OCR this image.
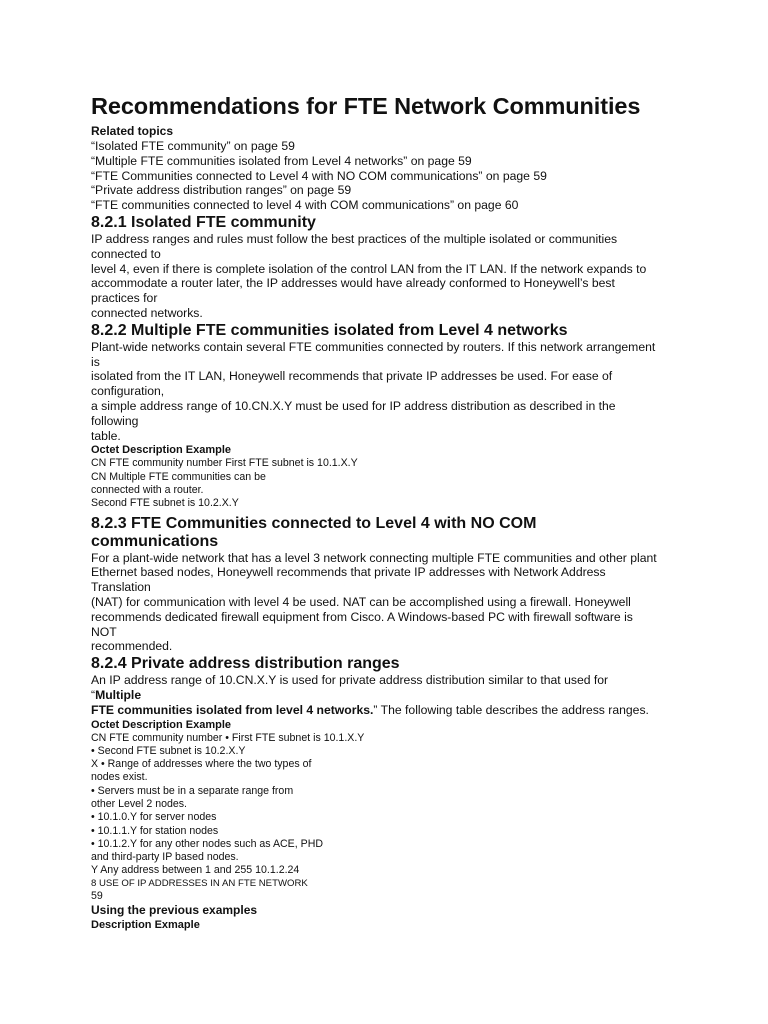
Recommendations for FTE Network Communities
Related topics
“Isolated FTE community” on page 59
“Multiple FTE communities isolated from Level 4 networks” on page 59
“FTE Communities connected to Level 4 with NO COM communications” on page 59
“Private address distribution ranges” on page 59
“FTE communities connected to level 4 with COM communications” on page 60
8.2.1 Isolated FTE community
IP address ranges and rules must follow the best practices of the multiple isolated or communities
connected to
level 4, even if there is complete isolation of the control LAN from the IT LAN. If the network expands to
accommodate a router later, the IP addresses would have already conformed to Honeywell’s best
practices for
connected networks.
8.2.2 Multiple FTE communities isolated from Level 4 networks
Plant-wide networks contain several FTE communities connected by routers. If this network arrangement
is
isolated from the IT LAN, Honeywell recommends that private IP addresses be used. For ease of
configuration,
a simple address range of 10.CN.X.Y must be used for IP address distribution as described in the
following
table.
Octet Description Example
CN FTE community number First FTE subnet is 10.1.X.Y
CN Multiple FTE communities can be
connected with a router.
Second FTE subnet is 10.2.X.Y
8.2.3 FTE Communities connected to Level 4 with NO COM
communications
For a plant-wide network that has a level 3 network connecting multiple FTE communities and other plant
Ethernet based nodes, Honeywell recommends that private IP addresses with Network Address
Translation
(NAT) for communication with level 4 be used. NAT can be accomplished using a firewall. Honeywell
recommends dedicated firewall equipment from Cisco. A Windows-based PC with firewall software is
NOT
recommended.
8.2.4 Private address distribution ranges
An IP address range of 10.CN.X.Y is used for private address distribution similar to that used for
“Multiple
FTE communities isolated from level 4 networks.” The following table describes the address ranges.
Octet Description Example
CN FTE community number • First FTE subnet is 10.1.X.Y
• Second FTE subnet is 10.2.X.Y
X • Range of addresses where the two types of
nodes exist.
• Servers must be in a separate range from
other Level 2 nodes.
• 10.1.0.Y for server nodes
• 10.1.1.Y for station nodes
• 10.1.2.Y for any other nodes such as ACE, PHD
and third-party IP based nodes.
Y Any address between 1 and 255 10.1.2.24
8 USE OF IP ADDRESSES IN AN FTE NETWORK
59
Using the previous examples
Description Exmaple
